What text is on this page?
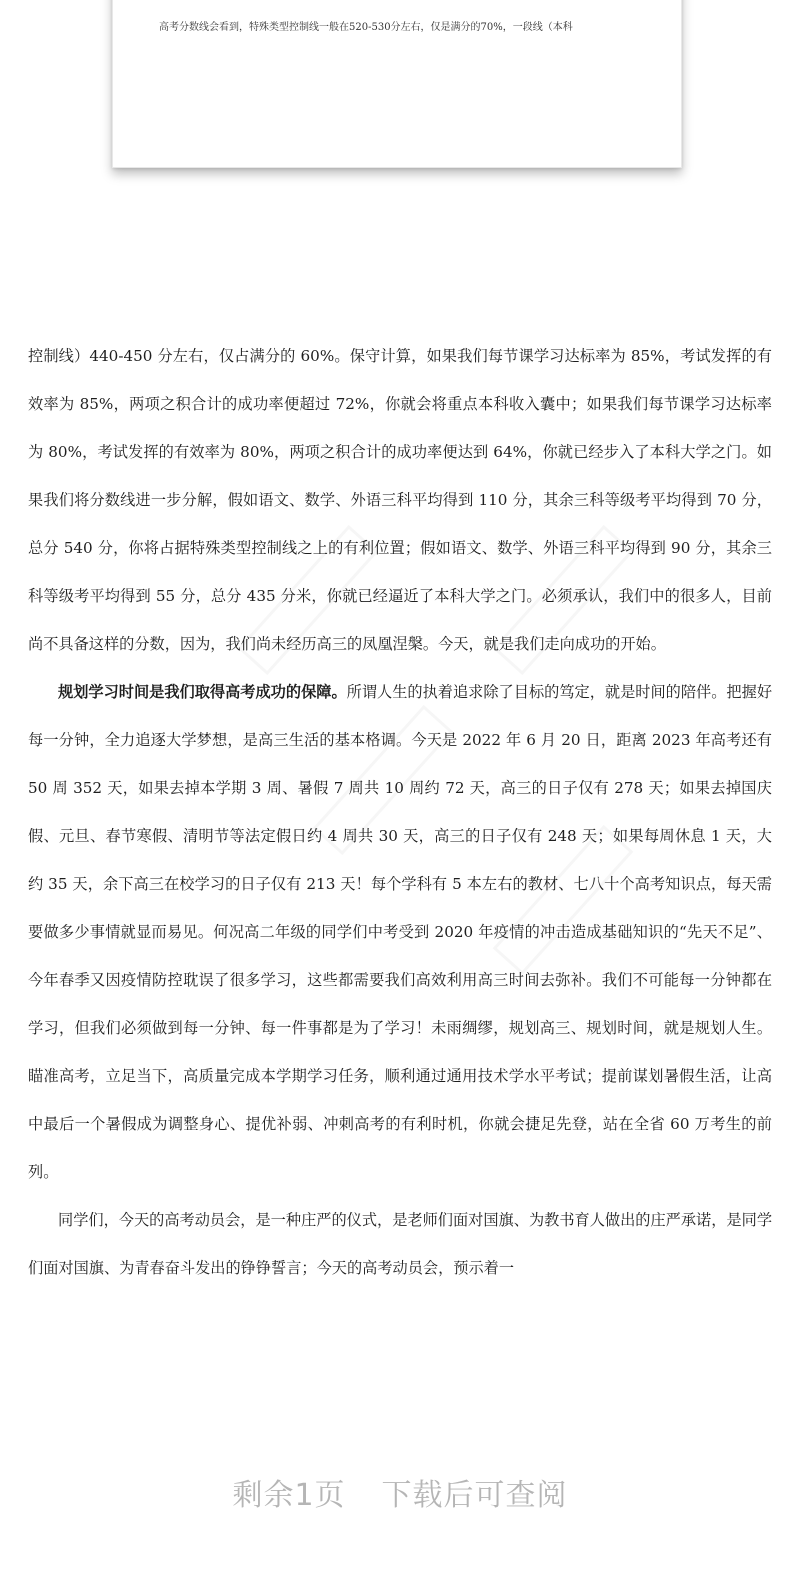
高考分数线会看到，特殊类型控制线一般在520-530分左右，仅是满分的70%，一段线（本科

控制线）440-450 分左右，仅占满分的 60%。保守计算，如果我们每节课学习达标率为 85%，考试发挥的有效率为 85%，两项之积合计的成功率便超过 72%，你就会将重点本科收入囊中；如果我们每节课学习达标率为 80%，考试发挥的有效率为 80%，两项之积合计的成功率便达到 64%，你就已经步入了本科大学之门。如果我们将分数线进一步分解，假如语文、数学、外语三科平均得到 110 分，其余三科等级考平均得到 70 分，总分 540 分，你将占据特殊类型控制线之上的有利位置；假如语文、数学、外语三科平均得到 90 分，其余三科等级考平均得到 55 分，总分 435 分米，你就已经逼近了本科大学之门。必须承认，我们中的很多人，目前尚不具备这样的分数，因为，我们尚未经历高三的凤凰涅槃。今天，就是我们走向成功的开始。

规划学习时间是我们取得高考成功的保障。所谓人生的执着追求除了目标的笃定，就是时间的陪伴。把握好每一分钟，全力追逐大学梦想，是高三生活的基本格调。今天是 2022 年 6 月 20 日，距离 2023 年高考还有 50 周 352 天，如果去掉本学期 3 周、暑假 7 周共 10 周约 72 天，高三的日子仅有 278 天；如果去掉国庆假、元旦、春节寒假、清明节等法定假日约 4 周共 30 天，高三的日子仅有 248 天；如果每周休息 1 天，大约 35 天，余下高三在校学习的日子仅有 213 天！每个学科有 5 本左右的教材、七八十个高考知识点，每天需要做多少事情就显而易见。何况高二年级的同学们中考受到 2020 年疫情的冲击造成基础知识的“先天不足”、今年春季又因疫情防控耽误了很多学习，这些都需要我们高效利用高三时间去弥补。我们不可能每一分钟都在学习，但我们必须做到每一分钟、每一件事都是为了学习！未雨绸缪，规划高三、规划时间，就是规划人生。瞄准高考，立足当下，高质量完成本学期学习任务，顺利通过通用技术学水平考试；提前谋划暑假生活，让高中最后一个暑假成为调整身心、提优补弱、冲刺高考的有利时机，你就会捷足先登，站在全省 60 万考生的前列。

同学们，今天的高考动员会，是一种庄严的仪式，是老师们面对国旗、为教书育人做出的庄严承诺，是同学们面对国旗、为青春奋斗发出的铮铮誓言；今天的高考动员会，预示着一

剩余1页 下载后可查阅
